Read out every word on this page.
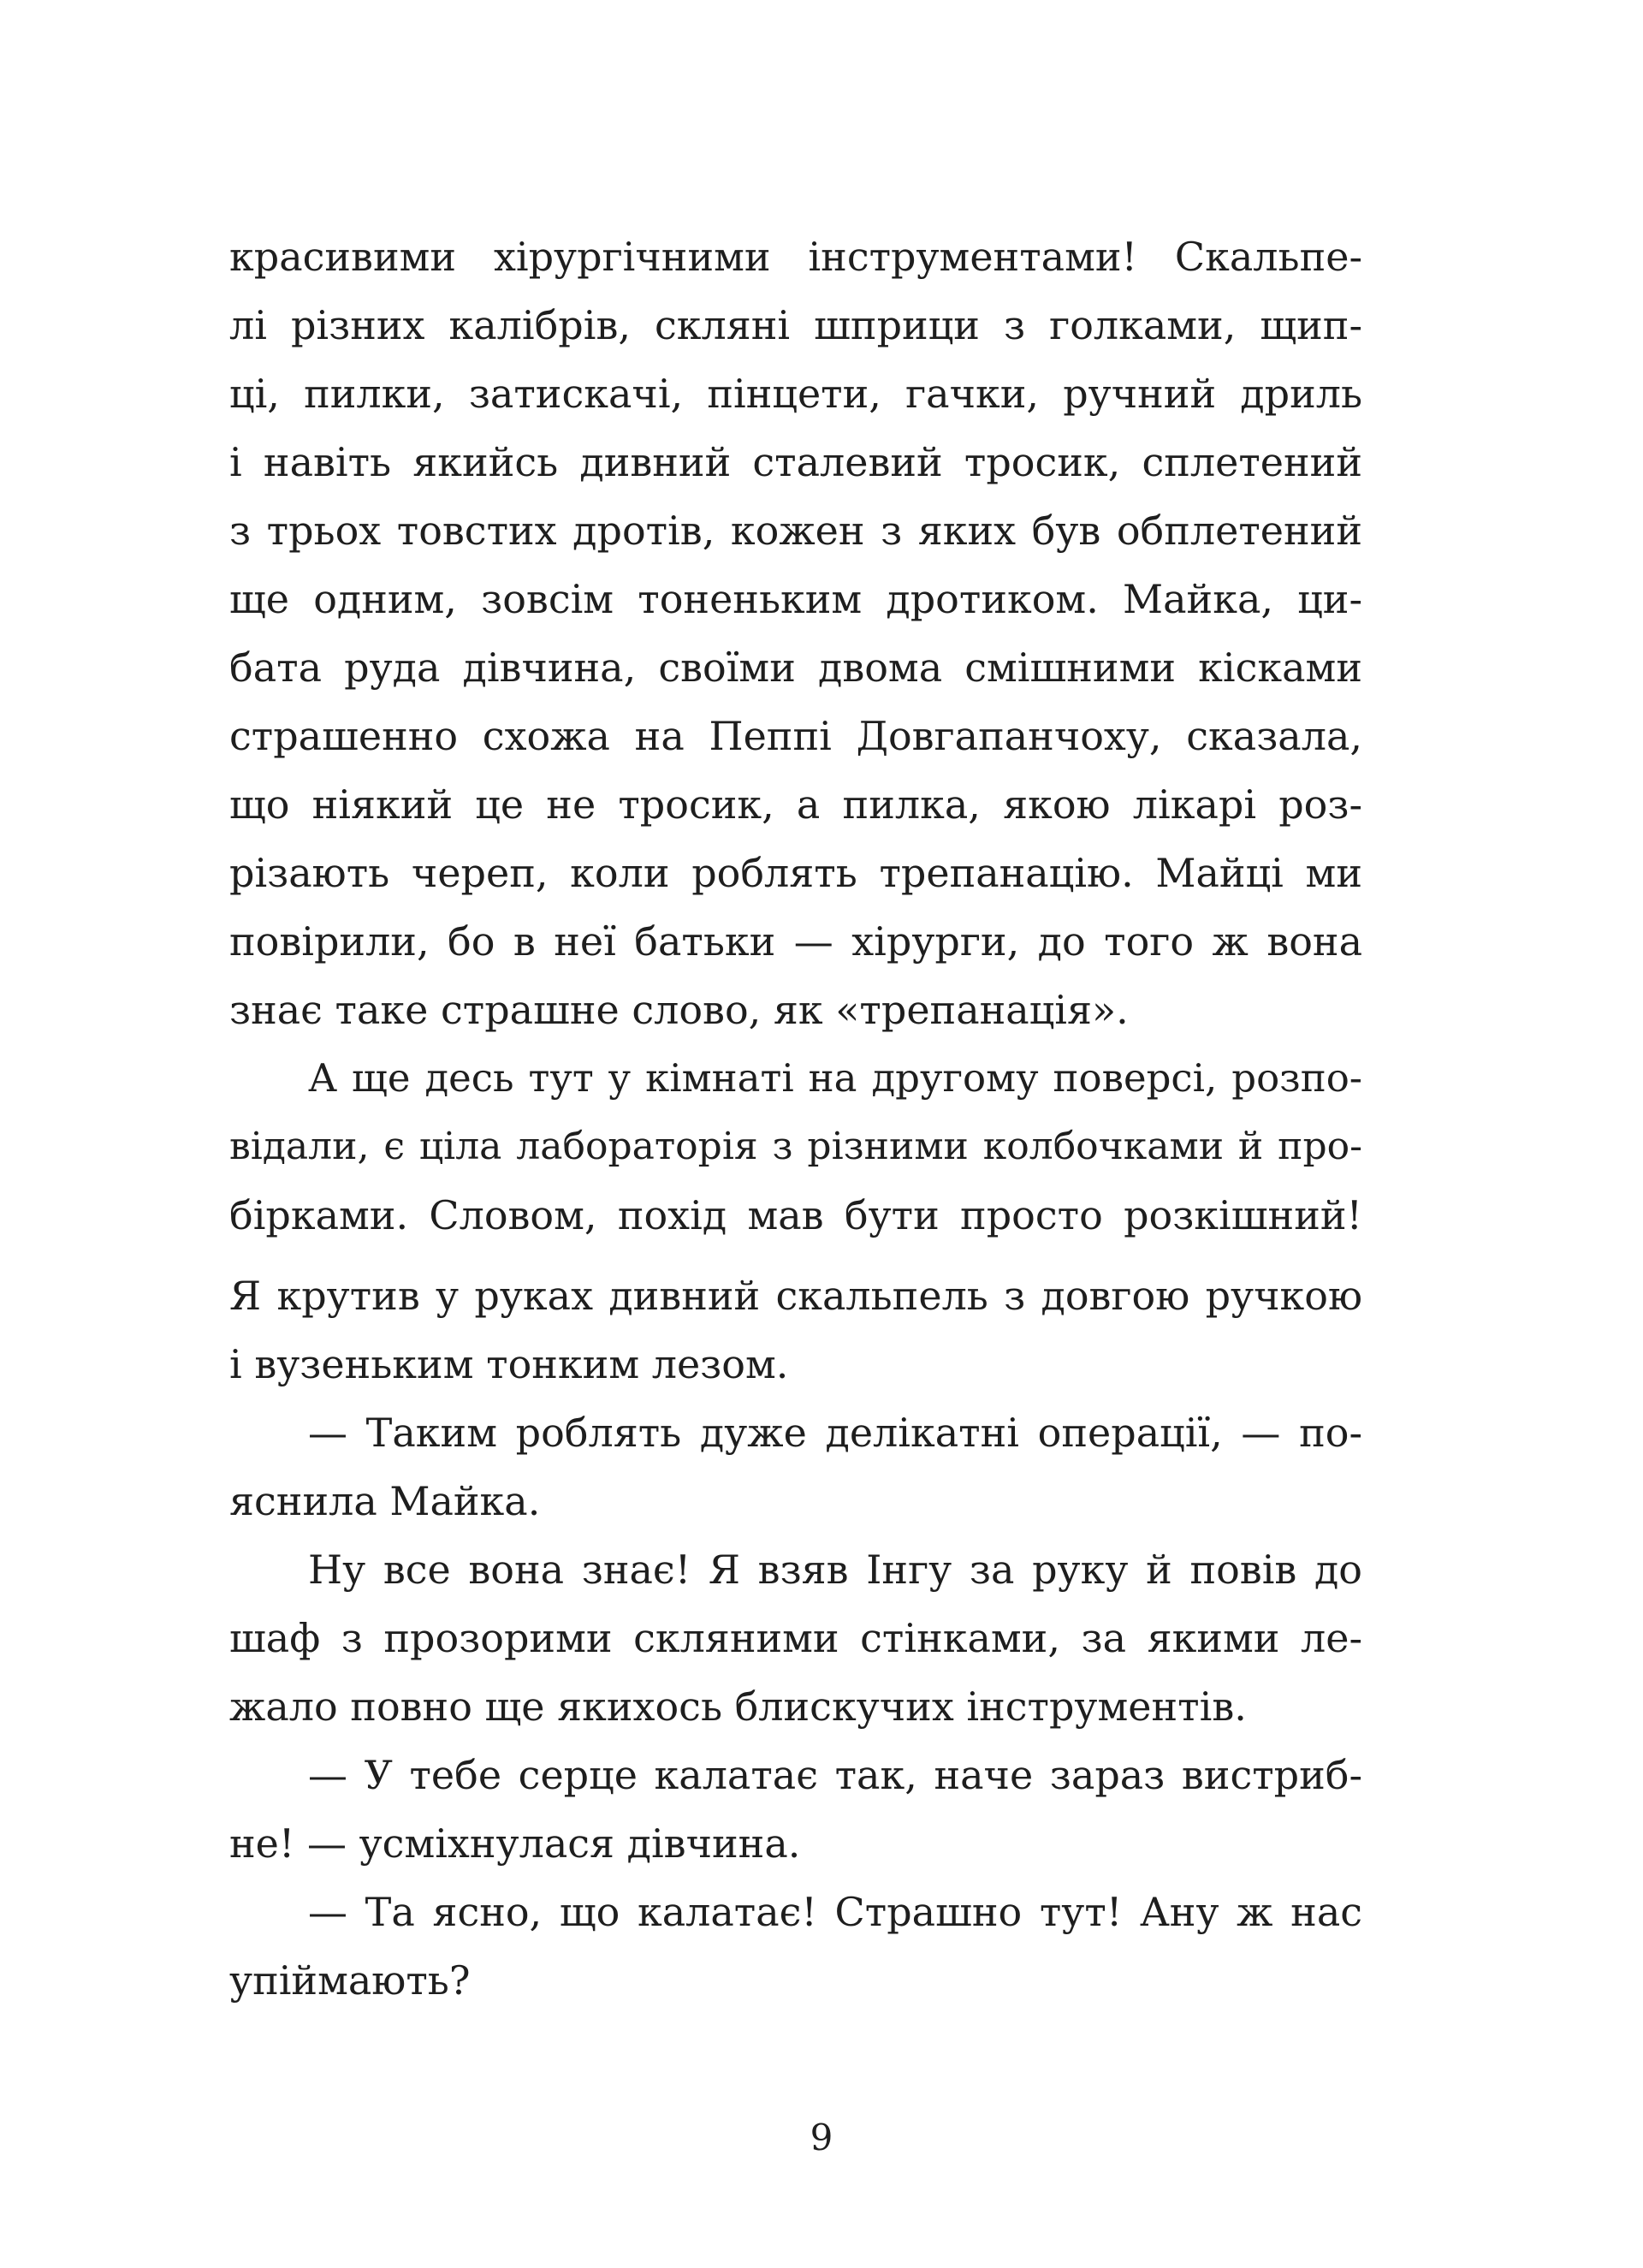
красивими хірургічними інструментами! Скальпе-
лі різних калібрів, скляні шприци з голками, щип-
ці, пилки, затискачі, пінцети, гачки, ручний дриль
і навіть якийсь дивний сталевий тросик, сплетений
з трьох товстих дротів, кожен з яких був обплетений
ще одним, зовсім тоненьким дротиком. Майка, ци-
бата руда дівчина, своїми двома смішними кісками
страшенно схожа на Пеппі Довгапанчоху, сказала,
що ніякий це не тросик, а пилка, якою лікарі роз-
різають череп, коли роблять трепанацію. Майці ми
повірили, бо в неї батьки — хірурги, до того ж вона
знає таке страшне слово, як «трепанація».
А ще десь тут у кімнаті на другому поверсі, розпо-
відали, є ціла лабораторія з різними колбочками й про-
бірками. Словом, похід мав бути просто розкішний!
Я крутив у руках дивний скальпель з довгою ручкою
і вузеньким тонким лезом.
— Таким роблять дуже делікатні операції, — по-
яснила Майка.
Ну все вона знає! Я взяв Інгу за руку й повів до
шаф з прозорими скляними стінками, за якими ле-
жало повно ще якихось блискучих інструментів.
— У тебе серце калатає так, наче зараз вистриб-
не! — усміхнулася дівчина.
— Та ясно, що калатає! Страшно тут! Ану ж нас
упіймають?
9
